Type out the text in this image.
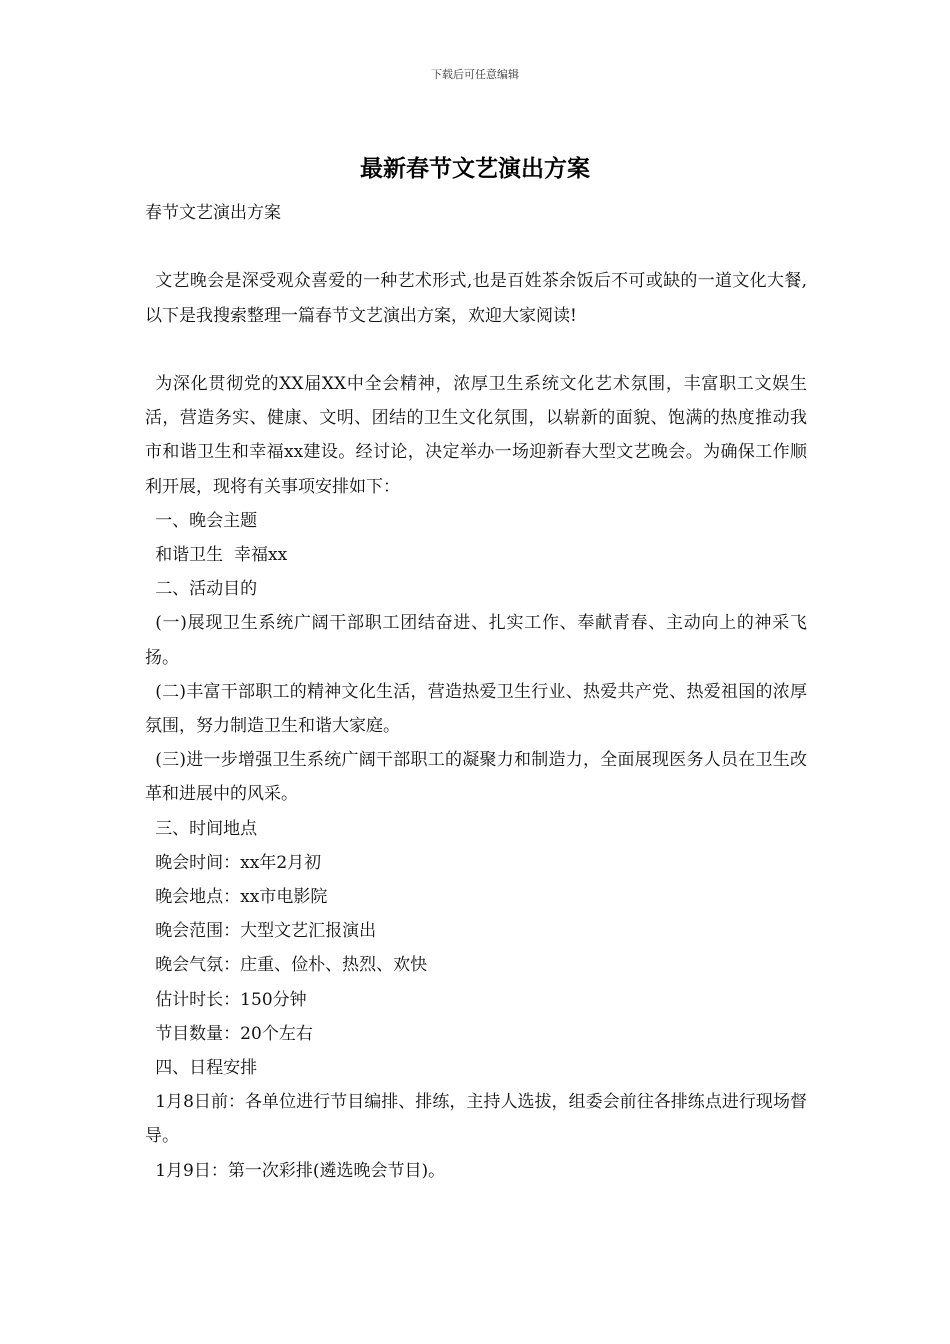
下载后可任意编辑
最新春节文艺演出方案

春节文艺演出方案

文艺晚会是深受观众喜爱的一种艺术形式,也是百姓茶余饭后不可或缺的一道文化大餐,以下是我搜索整理一篇春节文艺演出方案，欢迎大家阅读!

为深化贯彻党的XX届XX中全会精神，浓厚卫生系统文化艺术氛围，丰富职工文娱生活，营造务实、健康、文明、团结的卫生文化氛围，以崭新的面貌、饱满的热度推动我市和谐卫生和幸福xx建设。经讨论，决定举办一场迎新春大型文艺晚会。为确保工作顺利开展，现将有关事项安排如下：

一、晚会主题

和谐卫生  幸福xx

二、活动目的

(一)展现卫生系统广阔干部职工团结奋进、扎实工作、奉献青春、主动向上的神采飞扬。

(二)丰富干部职工的精神文化生活，营造热爱卫生行业、热爱共产党、热爱祖国的浓厚氛围，努力制造卫生和谐大家庭。

(三)进一步增强卫生系统广阔干部职工的凝聚力和制造力，全面展现医务人员在卫生改革和进展中的风采。

三、时间地点

晚会时间：xx年2月初

晚会地点：xx市电影院

晚会范围：大型文艺汇报演出

晚会气氛：庄重、俭朴、热烈、欢快

估计时长：150分钟

节目数量：20个左右

四、日程安排

1月8日前：各单位进行节目编排、排练，主持人选拔，组委会前往各排练点进行现场督导。

1月9日：第一次彩排(遴选晚会节目)。
